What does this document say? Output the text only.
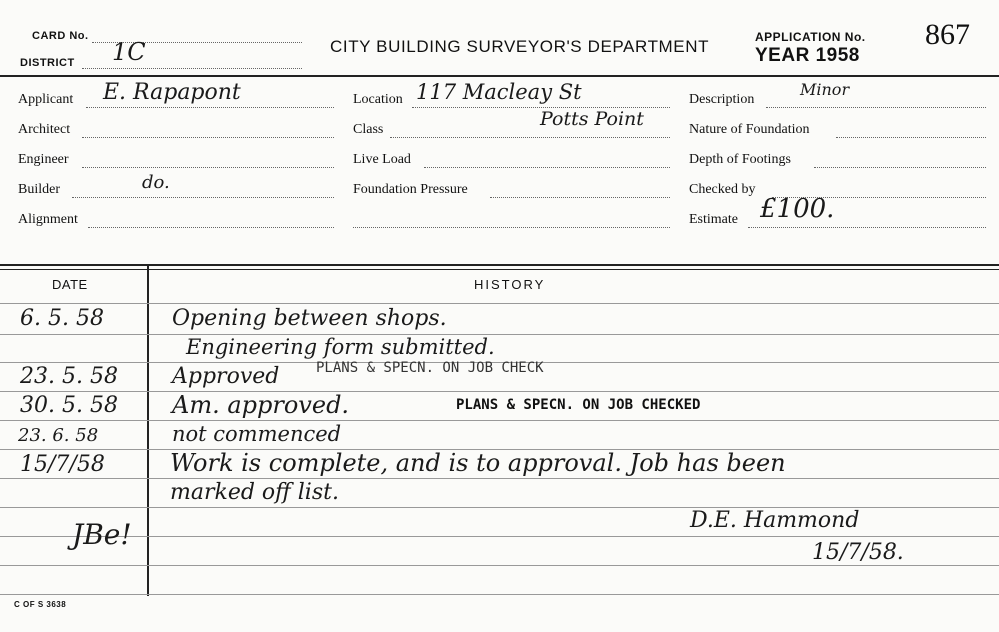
CARD No.
DISTRICT 1C	CITY BUILDING SURVEYOR'S DEPARTMENT	APPLICATION No. 867
YEAR 1958
Applicant E. Rapapont
Architect
Engineer
Builder	do.
Alignment
Location 117 Macleay St
Class	Potts Point
Live Load
Foundation Pressure
Description
Minor
Nature of Foundation
Depth of Footings
Checked by
Estimate £100.
DATE	HISTORY
6. 5. 58	Opening between shops.
Engineering form submitted.
23. 5. 58 Approved	PLANS & SPECN. ON JOB CHECK
30. 5. 58 Am. approved.	PLANS & SPECN. ON JOB CHECKED
23. 6. 58	not commenced
15/7/58	Work is complete, and is to approval. Job has been
marked off list.
JBe!	D.E. Hammond
15/7/58.
C OF S 3638
